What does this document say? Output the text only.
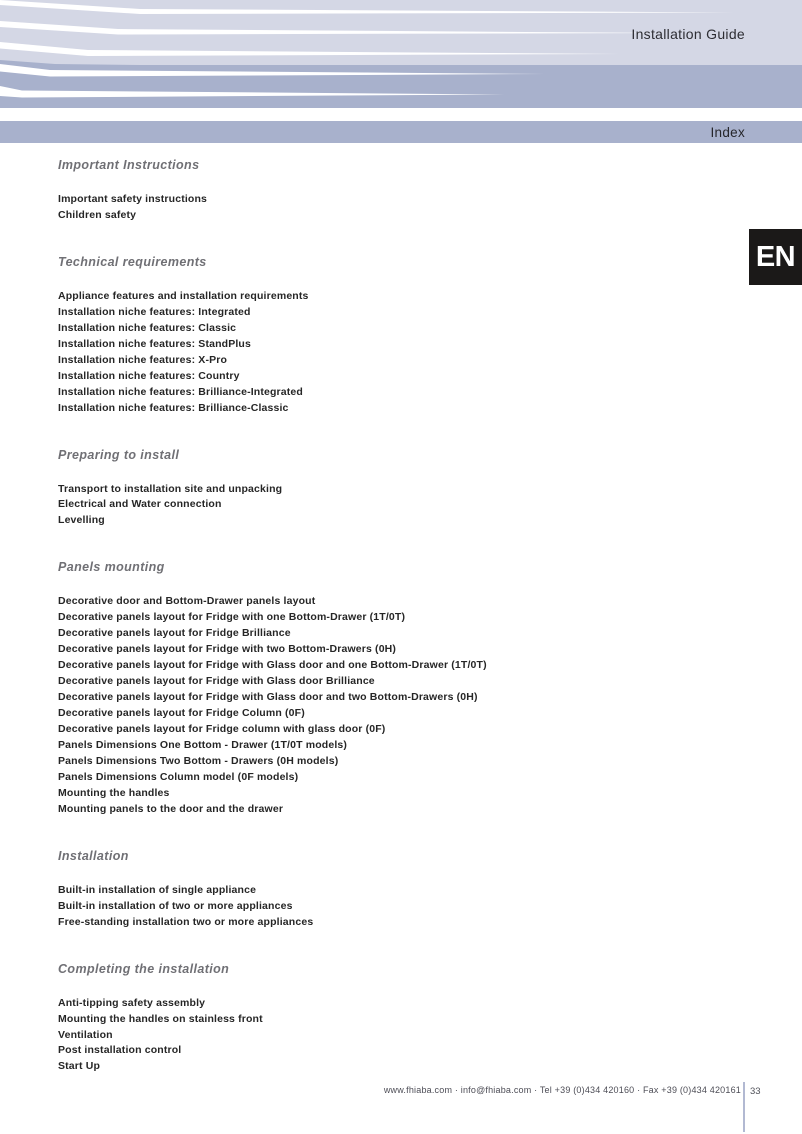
Installation Guide
Index
EN
Important Instructions
Important safety instructions
Children safety
Technical requirements
Appliance features and installation requirements
Installation niche features: Integrated
Installation niche features: Classic
Installation niche features: StandPlus
Installation niche features: X-Pro
Installation niche features: Country
Installation niche features: Brilliance-Integrated
Installation niche features: Brilliance-Classic
Preparing to install
Transport to installation site and unpacking
Electrical and Water connection
Levelling
Panels mounting
Decorative door and Bottom-Drawer panels layout
Decorative panels layout for Fridge with one Bottom-Drawer (1T/0T)
Decorative panels layout for Fridge Brilliance
Decorative panels layout for Fridge with two Bottom-Drawers (0H)
Decorative panels layout for Fridge with Glass door and one Bottom-Drawer (1T/0T)
Decorative panels layout for Fridge with Glass door Brilliance
Decorative panels layout for Fridge with Glass door and two Bottom-Drawers (0H)
Decorative panels layout for Fridge Column (0F)
Decorative panels layout for Fridge column with glass door (0F)
Panels Dimensions One Bottom - Drawer (1T/0T models)
Panels Dimensions Two Bottom - Drawers (0H models)
Panels Dimensions Column model (0F models)
Mounting the handles
Mounting panels to the door and the drawer
Installation
Built-in installation of single appliance
Built-in installation of two or more appliances
Free-standing installation two or more appliances
Completing the installation
Anti-tipping safety assembly
Mounting the handles on stainless front
Ventilation
Post installation control
Start Up
www.fhiaba.com · info@fhiaba.com · Tel +39 (0)434 420160 · Fax +39 (0)434 420161 33
